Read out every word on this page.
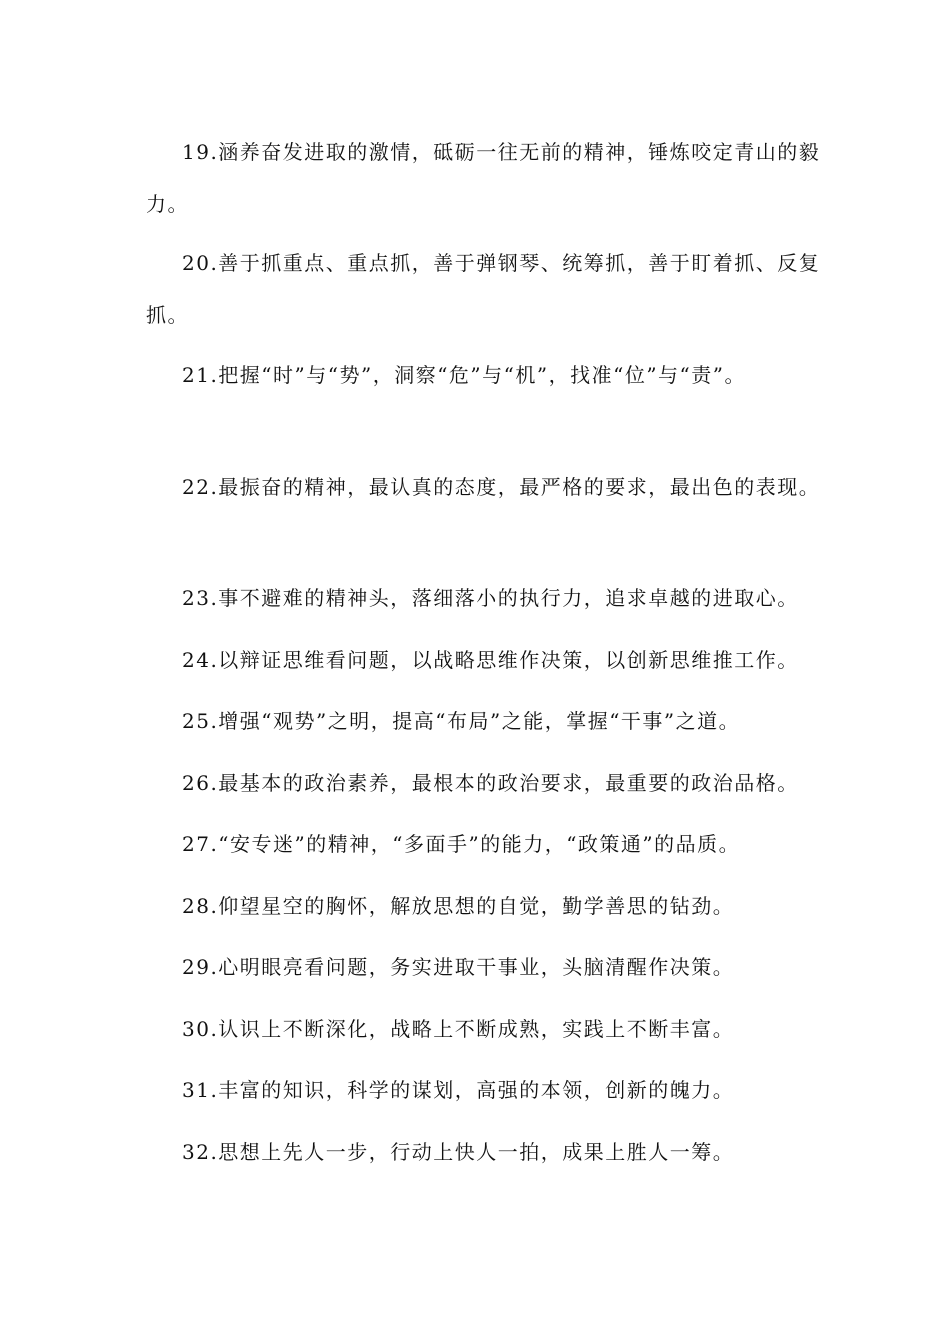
19.涵养奋发进取的激情，砥砺一往无前的精神，锤炼咬定青山的毅力。

20.善于抓重点、重点抓，善于弹钢琴、统筹抓，善于盯着抓、反复抓。

21.把握“时”与“势”，洞察“危”与“机”，找准“位”与“责”。

22.最振奋的精神，最认真的态度，最严格的要求，最出色的表现。

23.事不避难的精神头，落细落小的执行力，追求卓越的进取心。

24.以辩证思维看问题，以战略思维作决策，以创新思维推工作。

25.增强“观势”之明，提高“布局”之能，掌握“干事”之道。

26.最基本的政治素养，最根本的政治要求，最重要的政治品格。

27.“安专迷”的精神，“多面手”的能力，“政策通”的品质。

28.仰望星空的胸怀，解放思想的自觉，勤学善思的钻劲。

29.心明眼亮看问题，务实进取干事业，头脑清醒作决策。

30.认识上不断深化，战略上不断成熟，实践上不断丰富。

31.丰富的知识，科学的谋划，高强的本领，创新的魄力。

32.思想上先人一步，行动上快人一拍，成果上胜人一筹。
